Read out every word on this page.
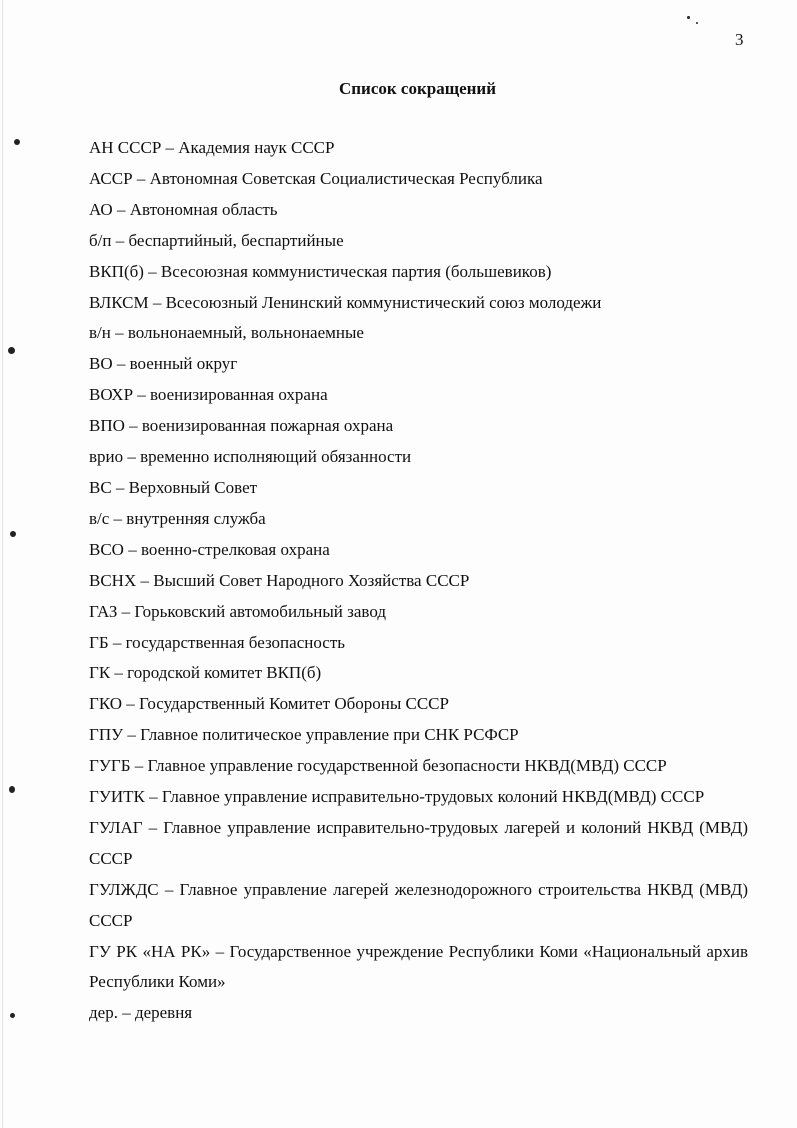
3
Список сокращений
АН СССР – Академия наук СССР
АССР – Автономная Советская Социалистическая Республика
АО – Автономная область
б/п – беспартийный, беспартийные
ВКП(б) – Всесоюзная коммунистическая партия (большевиков)
ВЛКСМ – Всесоюзный Ленинский коммунистический союз молодежи
в/н – вольнонаемный, вольнонаемные
ВО – военный округ
ВОХР – военизированная охрана
ВПО – военизированная пожарная охрана
врио – временно исполняющий обязанности
ВС – Верховный Совет
в/с – внутренняя служба
ВСО – военно-стрелковая охрана
ВСНХ – Высший Совет Народного Хозяйства СССР
ГАЗ – Горьковский автомобильный завод
ГБ – государственная безопасность
ГК – городской комитет ВКП(б)
ГКО – Государственный Комитет Обороны СССР
ГПУ – Главное политическое управление при СНК РСФСР
ГУГБ – Главное управление государственной безопасности НКВД(МВД) СССР
ГУИТК – Главное управление исправительно-трудовых колоний НКВД(МВД) СССР
ГУЛАГ – Главное управление исправительно-трудовых лагерей и колоний НКВД (МВД) СССР
ГУЛЖДС – Главное управление лагерей железнодорожного строительства НКВД (МВД) СССР
ГУ РК «НА РК» – Государственное учреждение Республики Коми «Национальный архив Республики Коми»
дер. – деревня
